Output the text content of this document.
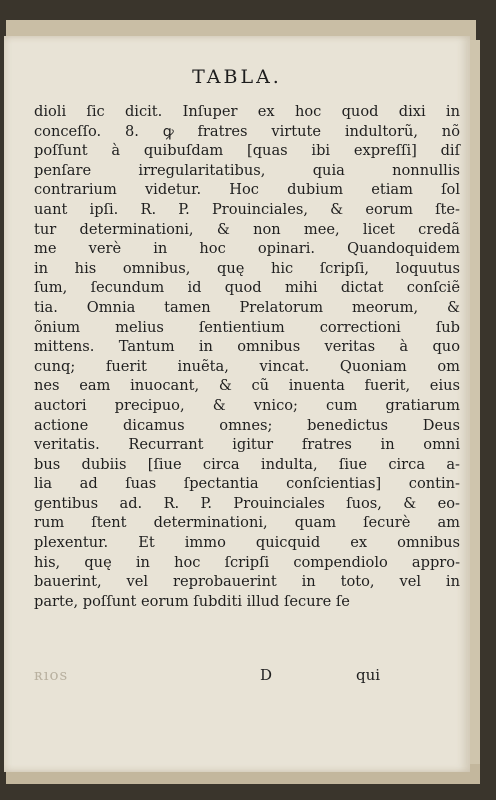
TABLA.
dioli ſic dicit. Inſuper ex hoc quod dixi in
conceſſo. 8. ꝙ fratres virtute indultorũ, nõ
poſſunt à quibuſdam [quas ibi expreſſi] diſ
penſare irregularitatibus, quia nonnullis
contrarium videtur. Hoc dubium etiam ſol
uant ipſi. R. P. Prouinciales, & eorum ſte-
tur determinationi, & non mee, licet credã
me verè in hoc opinari. Quandoquidem
in his omnibus, quę hic ſcripſi, loquutus
ſum, ſecundum id quod mihi dictat conſciẽ
tia. Omnia tamen Prelatorum meorum, &
õnium melius ſentientium correctioni ſub
mittens. Tantum in omnibus veritas à quo
cunq; fuerit inuẽta, vincat. Quoniam om
nes eam inuocant, & cũ inuenta fuerit, eius
auctori precipuo, & vnico; cum gratiarum
actione dicamus omnes; benedictus Deus
veritatis. Recurrant igitur fratres in omni
bus dubiis [ſiue circa indulta, ſiue circa a-
lia ad ſuas ſpectantia conſcientias] contin-
gentibus ad. R. P. Prouinciales ſuos, & eo-
rum ſtent determinationi, quam ſecurè am
plexentur. Et immo quicquid ex omnibus
his, quę in hoc ſcripſi compendiolo appro-
bauerint, vel reprobauerint in toto, vel in
parte, poſſunt eorum ſubditi illud ſecure ſe
ʀıos	D	qui
